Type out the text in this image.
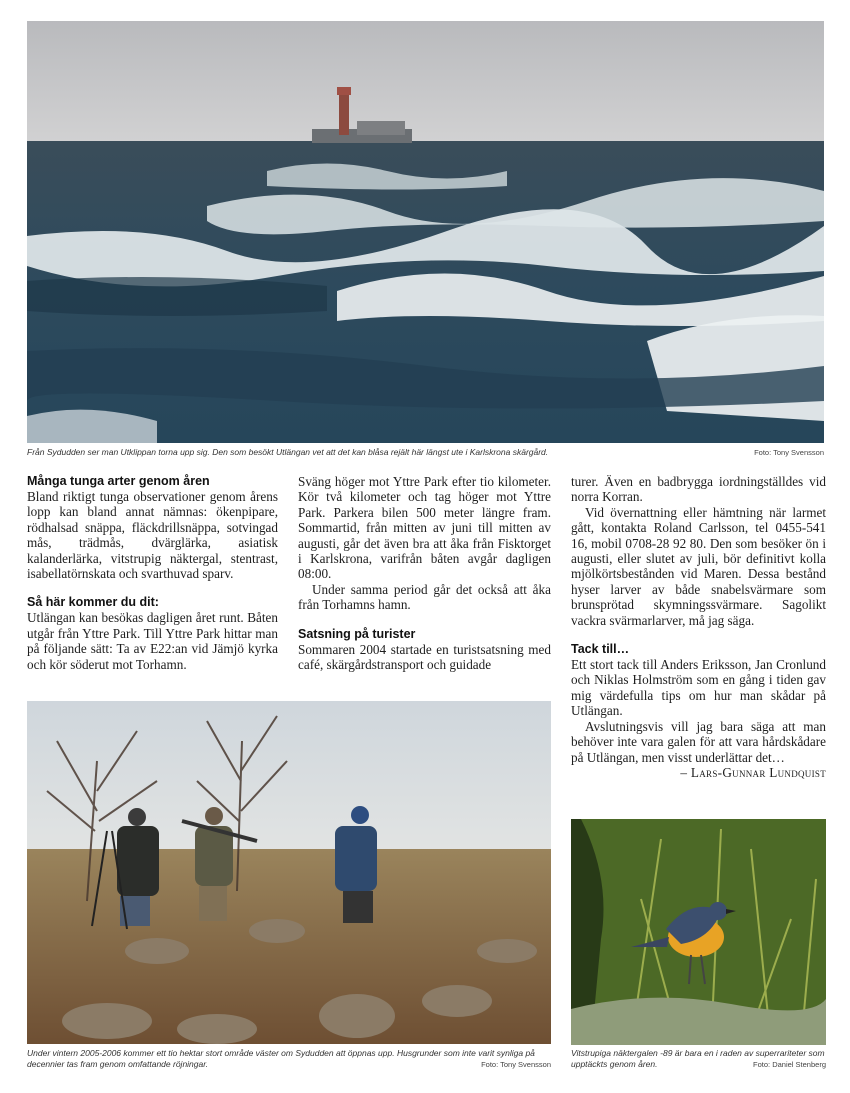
Foto: Tony Svensson
Från Sydudden ser man Utklippan torna upp sig. Den som besökt Utlängan vet att det kan blåsa rejält här längst ute i Karlskrona skärgård.
Många tunga arter genom åren

Bland riktigt tunga observationer genom årens lopp kan bland annat nämnas: ökenpipare, rödhalsad snäppa, fläckdrillsnäppa, sotvingad mås, trädmås, dvärglärka, asiatisk kalanderlärka, vitstrupig näktergal, stentrast, isabellatörnskata och svarthuvad sparv.

Så här kommer du dit:

Utlängan kan besökas dagligen året runt. Båten utgår från Yttre Park. Till Yttre Park hittar man på följande sätt: Ta av E22:an vid Jämjö kyrka och kör söderut mot Torhamn.

Sväng höger mot Yttre Park efter tio kilometer. Kör två kilometer och tag höger mot Yttre Park. Parkera bilen 500 meter längre fram. Sommartid, från mitten av juni till mitten av augusti, går det även bra att åka från Fisktorget i Karlskrona, varifrån båten avgår dagligen 08:00.

Under samma period går det också att åka från Torhamns hamn.

Satsning på turister

Sommaren 2004 startade en turistsatsning med café, skärgårdstransport och guidade

turer. Även en badbrygga iordningställdes vid norra Korran.

Vid övernattning eller hämtning när larmet gått, kontakta Roland Carlsson, tel 0455-541 16, mobil 0708-28 92 80. Den som besöker ön i augusti, eller slutet av juli, bör definitivt kolla mjölkörtsbestånden vid Maren. Dessa bestånd hyser larver av både snabelsvärmare som brunsprötad skymningssvärmare. Sagolikt vackra svärmarlarver, må jag säga.

Tack till…

Ett stort tack till Anders Eriksson, Jan Cronlund och Niklas Holmström som en gång i tiden gav mig värdefulla tips om hur man skådar på Utlängan.

Avslutningsvis vill jag bara säga att man behöver inte vara galen för att vara hårdskådare på Utlängan, men visst underlättar det…

– Lars-Gunnar Lundquist

Under vintern 2005-2006 kommer ett tio hektar stort område väster om Sydudden att öppnas upp. Husgrunder som inte varit synliga på decennier tas fram genom omfattande röjningar.	Foto: Tony Svensson
Vitstrupiga näktergalen -89 är bara en i raden av superrariteter som upptäckts genom åren.	Foto: Daniel Stenberg
